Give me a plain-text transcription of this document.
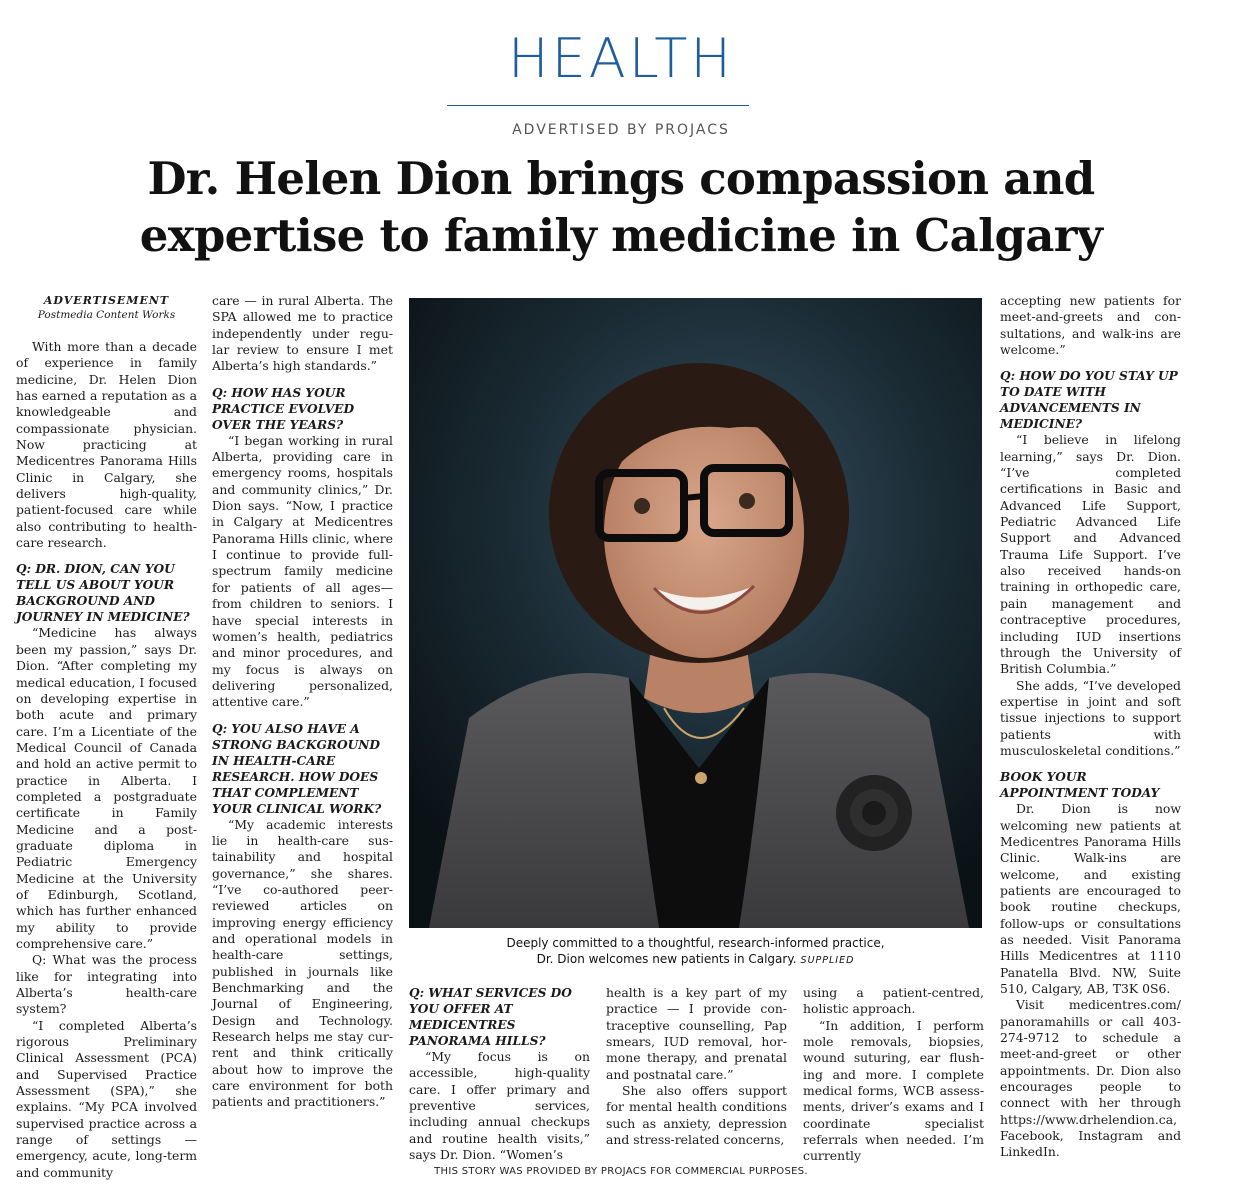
HEALTH
ADVERTISED BY PROJACS
Dr. Helen Dion brings compassion and
expertise to family medicine in Calgary
ADVERTISEMENT
Postmedia Content Works

With more than a decade of experience in family medicine, Dr. Helen Dion has earned a reputation as a knowledgeable and compassionate physician. Now practicing at Medicentres Panorama Hills Clinic in Calgary, she delivers high-quality, patient-focused care while also contributing to health-care research.

Q: DR. DION, CAN YOU TELL US ABOUT YOUR BACKGROUND AND JOURNEY IN MEDICINE?

“Medicine has always been my passion,” says Dr. Dion. “After completing my medical education, I focused on developing expertise in both acute and primary care. I’m a Licentiate of the Medical Council of Canada and hold an active permit to practice in Alberta. I completed a postgraduate certificate in Family Medicine and a postgraduate diploma in Pediatric Emergency Medicine at the University of Edinburgh, Scotland, which has further enhanced my ability to provide comprehensive care.”

Q: What was the process like for integrating into Alberta’s health-care system?

“I completed Alberta’s rigorous Preliminary Clinical Assessment (PCA) and Supervised Practice Assessment (SPA),” she explains. “My PCA involved supervised practice across a range of settings — emergency, acute, long-term and community

care — in rural Alberta. The SPA allowed me to practice independently under regular review to ensure I met Alberta’s high standards.”

Q: HOW HAS YOUR PRACTICE EVOLVED OVER THE YEARS?

“I began working in rural Alberta, providing care in emergency rooms, hospitals and community clinics,” Dr. Dion says. “Now, I practice in Calgary at Medicentres Panorama Hills clinic, where I continue to provide full-spectrum family medicine for patients of all ages—from children to seniors. I have special interests in women’s health, pediatrics and minor procedures, and my focus is always on delivering personalized, attentive care.”

Q: YOU ALSO HAVE A STRONG BACKGROUND IN HEALTH-CARE RESEARCH. HOW DOES THAT COMPLEMENT YOUR CLINICAL WORK?

“My academic interests lie in health-care sustainability and hospital governance,” she shares. “I’ve co-authored peer-reviewed articles on improving energy efficiency and operational models in health-care settings, published in journals like Benchmarking and the Journal of Engineering, Design and Technology. Research helps me stay current and think critically about how to improve the care environment for both patients and practitioners.”

Deeply committed to a thoughtful, research-informed practice,
Dr. Dion welcomes new patients in Calgary. SUPPLIED
Q: WHAT SERVICES DO YOU OFFER AT MEDICENTRES PANORAMA HILLS?

“My focus is on accessible, high-quality care. I offer primary and preventive services, including annual checkups and routine health visits,” says Dr. Dion. “Women’s

health is a key part of my practice — I provide contraceptive counselling, Pap smears, IUD removal, hormone therapy, and prenatal and postnatal care.”

She also offers support for mental health conditions such as anxiety, depression and stress-related concerns,

using a patient-centred, holistic approach.

“In addition, I perform mole removals, biopsies, wound suturing, ear flushing and more. I complete medical forms, WCB assessments, driver’s exams and I coordinate specialist referrals when needed. I’m currently

accepting new patients for meet-and-greets and consultations, and walk-ins are welcome.”

Q: HOW DO YOU STAY UP TO DATE WITH ADVANCEMENTS IN MEDICINE?

“I believe in lifelong learning,” says Dr. Dion. “I’ve completed certifications in Basic and Advanced Life Support, Pediatric Advanced Life Support and Advanced Trauma Life Support. I’ve also received hands-on training in orthopedic care, pain management and contraceptive procedures, including IUD insertions through the University of British Columbia.”

She adds, “I’ve developed expertise in joint and soft tissue injections to support patients with musculoskeletal conditions.”

BOOK YOUR APPOINTMENT TODAY

Dr. Dion is now welcoming new patients at Medicentres Panorama Hills Clinic. Walk-ins are welcome, and existing patients are encouraged to book routine checkups, follow-ups or consultations as needed. Visit Panorama Hills Medicentres at 1110 Panatella Blvd. NW, Suite 510, Calgary, AB, T3K 0S6.

Visit medicentres.com/ panoramahills or call 403-274-9712 to schedule a meet-and-greet or other appointments. Dr. Dion also encourages people to connect with her through https://www.drhelendion.ca, Facebook, Instagram and LinkedIn.

THIS STORY WAS PROVIDED BY PROJACS FOR COMMERCIAL PURPOSES.
